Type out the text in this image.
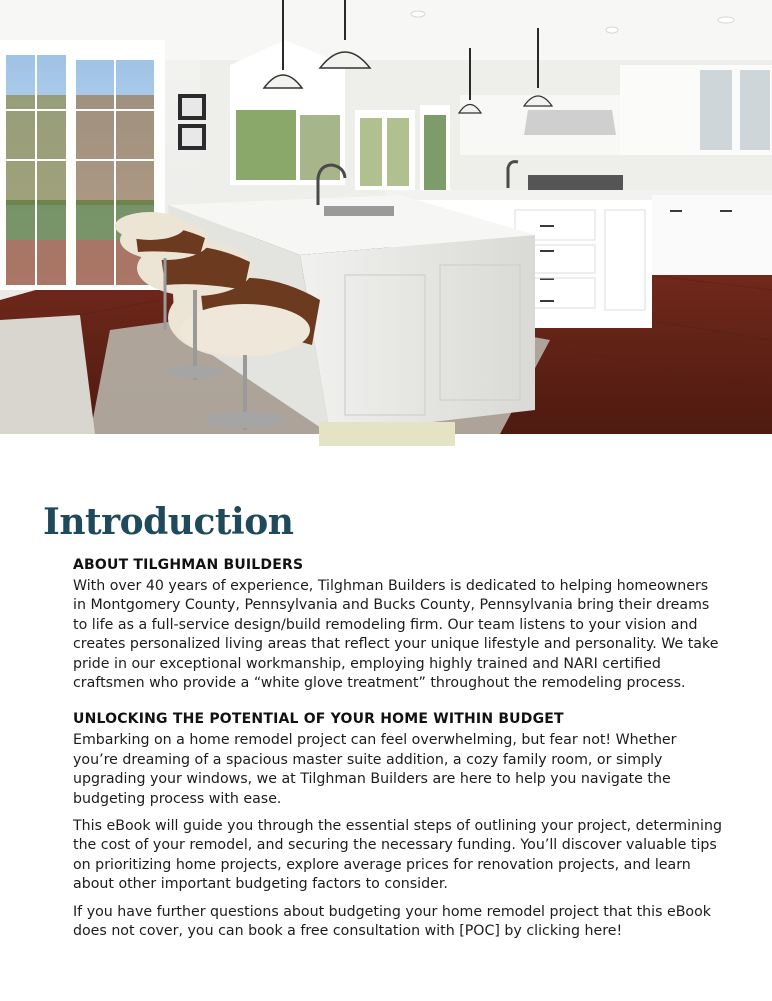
Introduction
ABOUT TILGHMAN BUILDERS

With over 40 years of experience, Tilghman Builders is dedicated to helping homeowners in Montgomery County, Pennsylvania and Bucks County, Pennsylvania bring their dreams to life as a full-service design/build remodeling firm. Our team listens to your vision and creates personalized living areas that reflect your unique lifestyle and personality. We take pride in our exceptional workmanship, employing highly trained and NARI certified craftsmen who provide a “white glove treatment” throughout the remodeling process.

UNLOCKING THE POTENTIAL OF YOUR HOME WITHIN BUDGET

Embarking on a home remodel project can feel overwhelming, but fear not! Whether you’re dreaming of a spacious master suite addition, a cozy family room, or simply upgrading your windows, we at Tilghman Builders are here to help you navigate the budgeting process with ease.

This eBook will guide you through the essential steps of outlining your project, determining the cost of your remodel, and securing the necessary funding. You’ll discover valuable tips on prioritizing home projects, explore average prices for renovation projects, and learn about other important budgeting factors to consider.

If you have further questions about budgeting your home remodel project that this eBook does not cover, you can book a free consultation with [POC] by clicking here!
